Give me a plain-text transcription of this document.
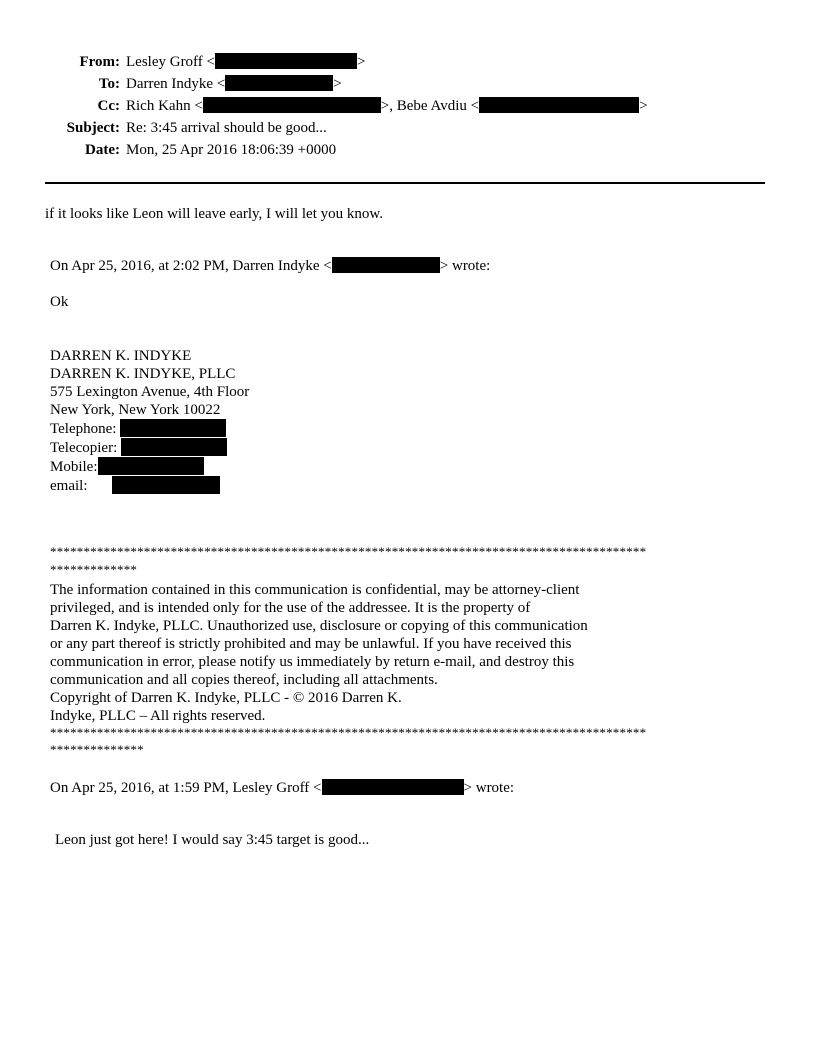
From: Lesley Groff <	>
To: Darren Indyke <	>
Cc: Rich Kahn <	>, Bebe Avdiu <	>
Subject: Re: 3:45 arrival should be good...
Date: Mon, 25 Apr 2016 18:06:39 +0000
if it looks like Leon will leave early, I will let you know.
On Apr 25, 2016, at 2:02 PM, Darren Indyke <	> wrote:
Ok
DARREN K. INDYKE
DARREN K. INDYKE, PLLC
575 Lexington Avenue, 4th Floor
New York, New York 10022
Telephone:
Telecopier:
Mobile:
email:
*****************************************************************************************
*************
The information contained in this communication is confidential, may be attorney-client
privileged, and is intended only for the use of the addressee. It is the property of
Darren K. Indyke, PLLC. Unauthorized use, disclosure or copying of this communication
or any part thereof is strictly prohibited and may be unlawful. If you have received this
communication in error, please notify us immediately by return e-mail, and destroy this
communication and all copies thereof, including all attachments.
Copyright of Darren K. Indyke, PLLC - © 2016 Darren K.
Indyke, PLLC – All rights reserved.
*****************************************************************************************
**************
On Apr 25, 2016, at 1:59 PM, Lesley Groff <	> wrote:
Leon just got here! I would say 3:45 target is good...
